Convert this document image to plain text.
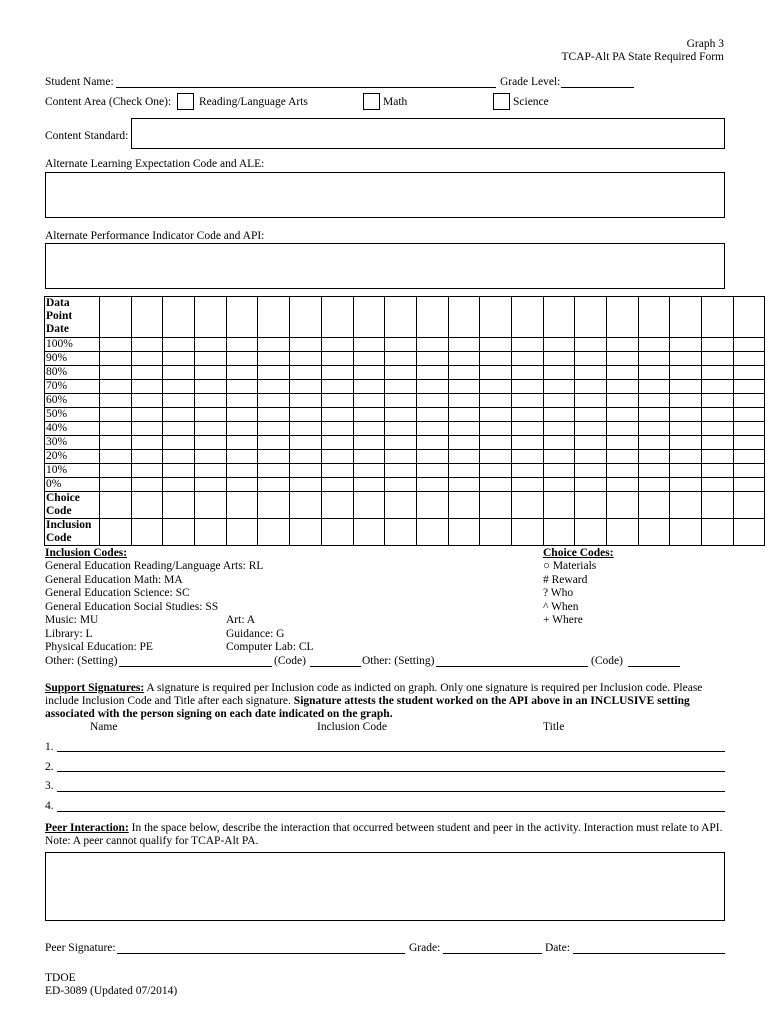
Graph 3
TCAP-Alt PA State Required Form
Student Name:	Grade Level:
Content Area (Check One): Reading/Language Arts	Math	Science
Content Standard:
Alternate Learning Expectation Code and ALE:
Alternate Performance Indicator Code and API:
Data
Point
Date																					

100%																					

90%																					

80%																					

70%																					

60%																					

50%																					

40%																					

30%																					

20%																					

10%																					

0%																					

Choice
Code																					

Inclusion
Code																					

Inclusion Codes:
General Education Reading/Language Arts: RL
General Education Math: MA
General Education Science: SC
General Education Social Studies: SS
Music: MU
Library: L
Physical Education: PE
Art: A
Guidance: G
Computer Lab: CL
Other: (Setting)	(Code)	Other: (Setting)	(Code)
Choice Codes:
○ Materials
# Reward
? Who
^ When
+ Where
Support Signatures: A signature is required per Inclusion code as indicted on graph. Only one signature is required per Inclusion code. Please
include Inclusion Code and Title after each signature. Signature attests the student worked on the API above in an INCLUSIVE setting
associated with the person signing on each date indicated on the graph.
Name	Inclusion Code	Title
1.
2.
3.
4.
Peer Interaction: In the space below, describe the interaction that occurred between student and peer in the activity. Interaction must relate to API.
Note: A peer cannot qualify for TCAP-Alt PA.
Peer Signature:	Grade:	Date:
TDOE
ED-3089 (Updated 07/2014)
